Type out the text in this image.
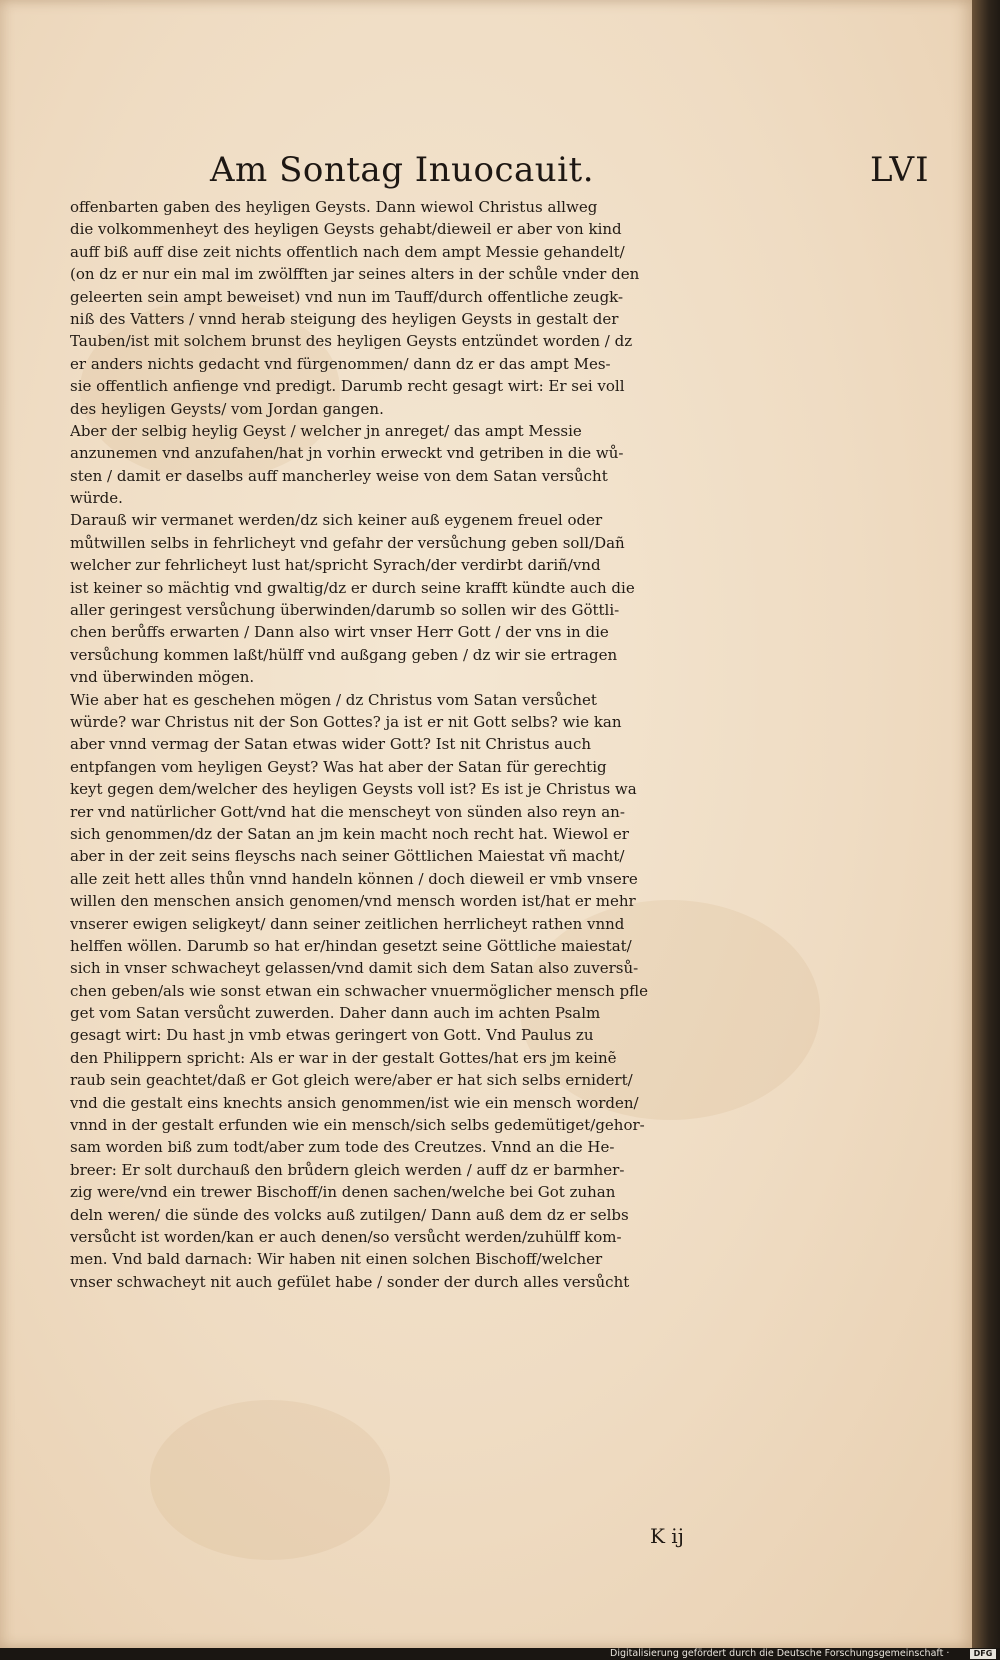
Am Sontag Inuocauit.	LVI
offenbarten gaben des heyligen Geysts. Dann wiewol Christus allweg
die volkommenheyt des heyligen Geysts gehabt/dieweil er aber von kind
auff biß auff dise zeit nichts offentlich nach dem ampt Messie gehandelt/
(on dz er nur ein mal im zwölfften jar seines alters in der schůle vnder den
geleerten sein ampt beweiset) vnd nun im Tauff/durch offentliche zeugk-
niß des Vatters / vnnd herab steigung des heyligen Geysts in gestalt der
Tauben/ist mit solchem brunst des heyligen Geysts entzündet worden / dz
er anders nichts gedacht vnd fürgenommen/ dann dz er das ampt Mes-
sie offentlich anfienge vnd predigt. Darumb recht gesagt wirt: Er sei voll
des heyligen Geysts/ vom Jordan gangen.
Aber der selbig heylig Geyst / welcher jn anreget/ das ampt Messie
anzunemen vnd anzufahen/hat jn vorhin erweckt vnd getriben in die wů-
sten / damit er daselbs auff mancherley weise von dem Satan versůcht
würde.
Darauß wir vermanet werden/dz sich keiner auß eygenem freuel oder
můtwillen selbs in fehrlicheyt vnd gefahr der versůchung geben soll/Dañ
welcher zur fehrlicheyt lust hat/spricht Syrach/der verdirbt dariñ/vnd
ist keiner so mächtig vnd gwaltig/dz er durch seine krafft kündte auch die
aller geringest versůchung überwinden/darumb so sollen wir des Göttli-
chen berůffs erwarten / Dann also wirt vnser Herr Gott / der vns in die
versůchung kommen laßt/hülff vnd außgang geben / dz wir sie ertragen
vnd überwinden mögen.
Wie aber hat es geschehen mögen / dz Christus vom Satan versůchet
würde? war Christus nit der Son Gottes? ja ist er nit Gott selbs? wie kan
aber vnnd vermag der Satan etwas wider Gott? Ist nit Christus auch
entpfangen vom heyligen Geyst? Was hat aber der Satan für gerechtig
keyt gegen dem/welcher des heyligen Geysts voll ist? Es ist je Christus wa
rer vnd natürlicher Gott/vnd hat die menscheyt von sünden also reyn an-
sich genommen/dz der Satan an jm kein macht noch recht hat. Wiewol er
aber in der zeit seins fleyschs nach seiner Göttlichen Maiestat vñ macht/
alle zeit hett alles thůn vnnd handeln können / doch dieweil er vmb vnsere
willen den menschen ansich genomen/vnd mensch worden ist/hat er mehr
vnserer ewigen seligkeyt/ dann seiner zeitlichen herrlicheyt rathen vnnd
helffen wöllen. Darumb so hat er/hindan gesetzt seine Göttliche maiestat/
sich in vnser schwacheyt gelassen/vnd damit sich dem Satan also zuversů-
chen geben/als wie sonst etwan ein schwacher vnuermöglicher mensch pfle
get vom Satan versůcht zuwerden. Daher dann auch im achten Psalm
gesagt wirt: Du hast jn vmb etwas geringert von Gott. Vnd Paulus zu
den Philippern spricht: Als er war in der gestalt Gottes/hat ers jm keinẽ
raub sein geachtet/daß er Got gleich were/aber er hat sich selbs ernidert/
vnd die gestalt eins knechts ansich genommen/ist wie ein mensch worden/
vnnd in der gestalt erfunden wie ein mensch/sich selbs gedemütiget/gehor-
sam worden biß zum todt/aber zum tode des Creutzes. Vnnd an die He-
breer: Er solt durchauß den brůdern gleich werden / auff dz er barmher-
zig were/vnd ein trewer Bischoff/in denen sachen/welche bei Got zuhan
deln weren/ die sünde des volcks auß zutilgen/ Dann auß dem dz er selbs
versůcht ist worden/kan er auch denen/so versůcht werden/zuhülff kom-
men. Vnd bald darnach: Wir haben nit einen solchen Bischoff/welcher
vnser schwacheyt nit auch gefület habe / sonder der durch alles versůcht
K ij
Digitalisierung gefördert durch die Deutsche Forschungsgemeinschaft ·	DFG
